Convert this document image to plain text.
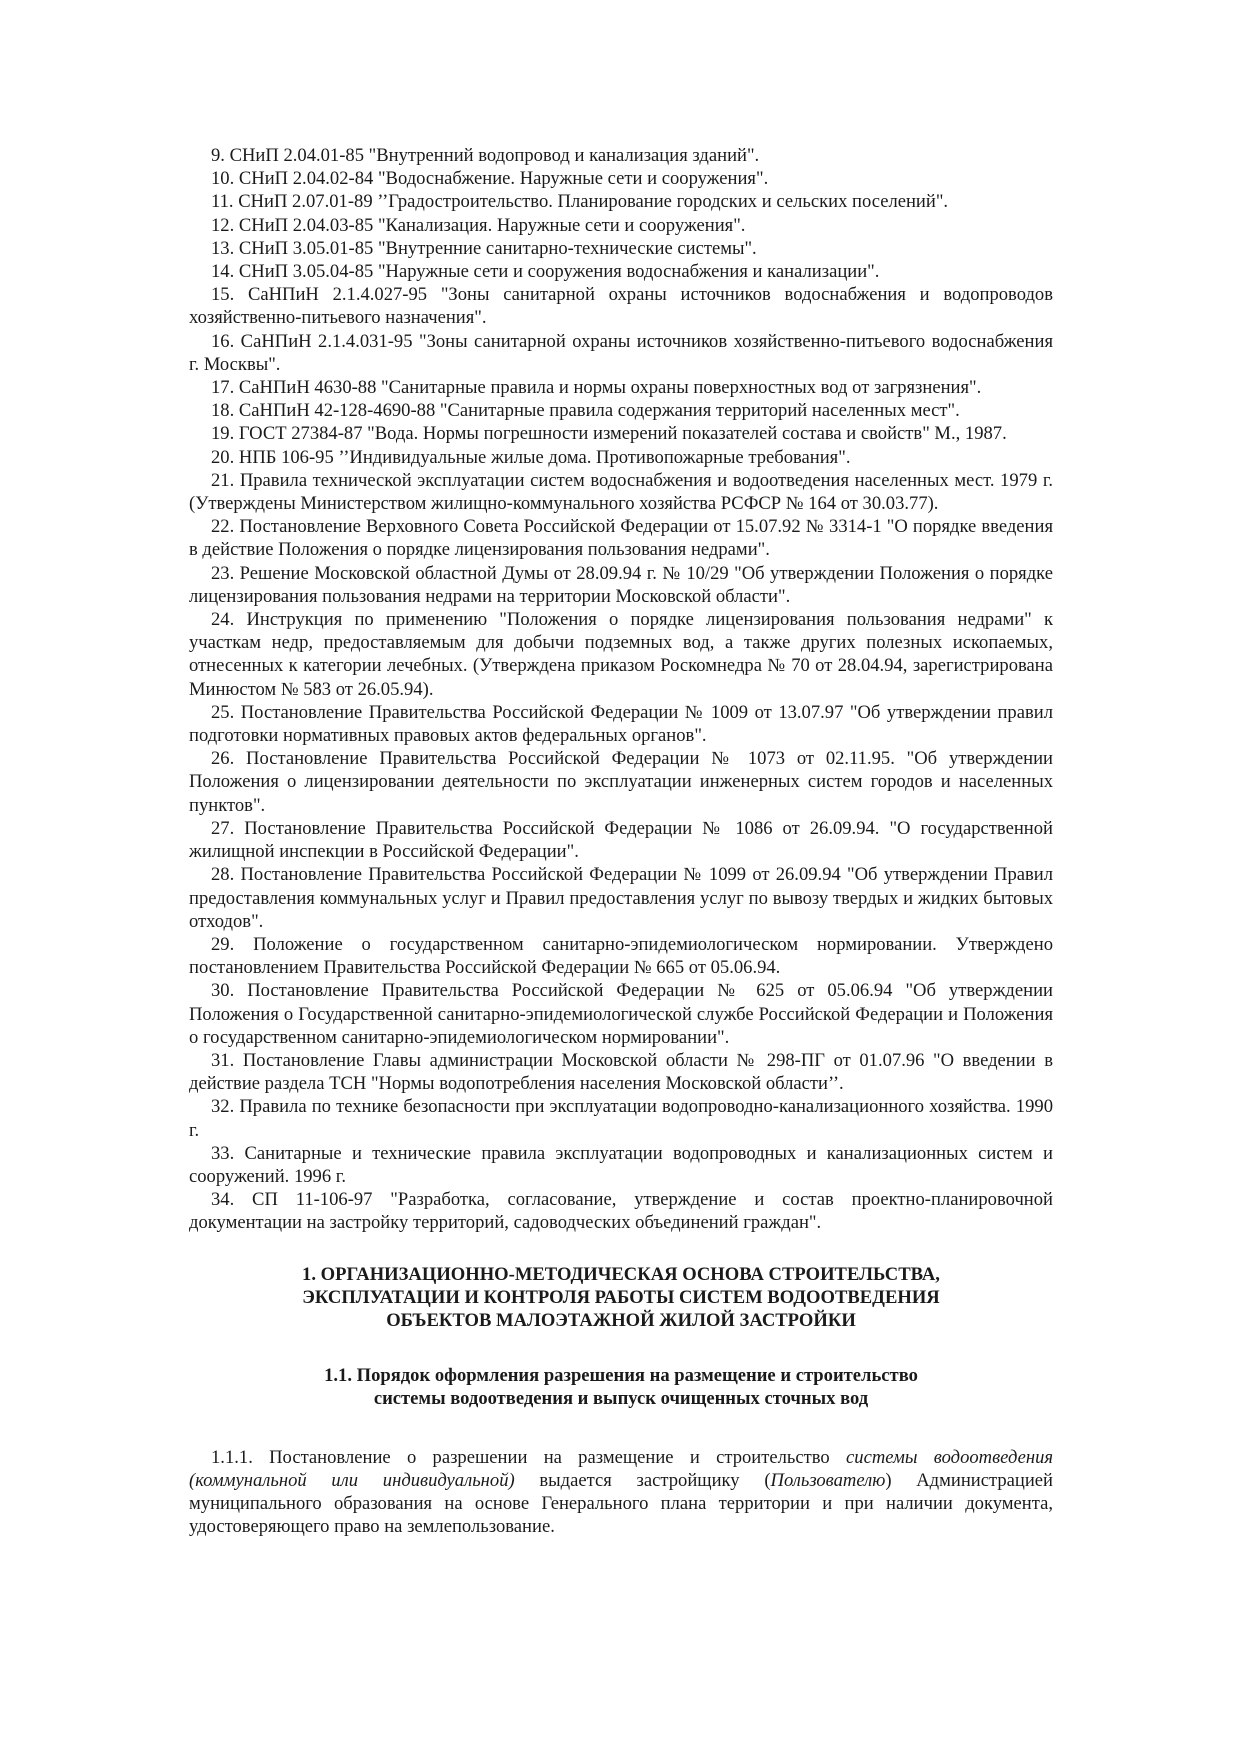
9. СНиП 2.04.01-85 "Внутренний водопровод и канализация зданий".

10. СНиП 2.04.02-84 "Водоснабжение. Наружные сети и сооружения".

11. СНиП 2.07.01-89 ’’Градостроительство. Планирование городских и сельских поселений".

12. СНиП 2.04.03-85 "Канализация. Наружные сети и сооружения".

13. СНиП 3.05.01-85 "Внутренние санитарно-технические системы".

14. СНиП 3.05.04-85 "Наружные сети и сооружения водоснабжения и канализации".

15. СаНПиН 2.1.4.027-95 "Зоны санитарной охраны источников водоснабжения и водопроводов хозяйственно-питьевого назначения".

16. СаНПиН 2.1.4.031-95 "Зоны санитарной охраны источников хозяйственно-питьевого водоснабжения г. Москвы".

17. СаНПиН 4630-88 "Санитарные правила и нормы охраны поверхностных вод от загрязнения".

18. СаНПиН 42-128-4690-88 "Санитарные правила содержания территорий населенных мест".

19. ГОСТ 27384-87 "Вода. Нормы погрешности измерений показателей состава и свойств" М., 1987.

20. НПБ 106-95 ’’Индивидуальные жилые дома. Противопожарные требования".

21. Правила технической эксплуатации систем водоснабжения и водоотведения населенных мест. 1979 г. (Утверждены Министерством жилищно-коммунального хозяйства РСФСР № 164 от 30.03.77).

22. Постановление Верховного Совета Российской Федерации от 15.07.92 № 3314-1 "О порядке введения в действие Положения о порядке лицензирования пользования недрами".

23. Решение Московской областной Думы от 28.09.94 г. № 10/29 "Об утверждении Положения о порядке лицензирования пользования недрами на территории Московской области".

24. Инструкция по применению "Положения о порядке лицензирования пользования недрами" к участкам недр, предоставляемым для добычи подземных вод, а также других полезных ископаемых, отнесенных к категории лечебных. (Утверждена приказом Роскомнедра № 70 от 28.04.94, зарегистрирована Минюстом № 583 от 26.05.94).

25. Постановление Правительства Российской Федерации № 1009 от 13.07.97 "Об утверждении правил подготовки нормативных правовых актов федеральных органов".

26. Постановление Правительства Российской Федерации № 1073 от 02.11.95. "Об утверждении Положения о лицензировании деятельности по эксплуатации инженерных систем городов и населенных пунктов".

27. Постановление Правительства Российской Федерации № 1086 от 26.09.94. "О государственной жилищной инспекции в Российской Федерации".

28. Постановление Правительства Российской Федерации № 1099 от 26.09.94 "Об утверждении Правил предоставления коммунальных услуг и Правил предоставления услуг по вывозу твердых и жидких бытовых отходов".

29. Положение о государственном санитарно-эпидемиологическом нормировании. Утверждено постановлением Правительства Российской Федерации № 665 от 05.06.94.

30. Постановление Правительства Российской Федерации № 625 от 05.06.94 "Об утверждении Положения о Государственной санитарно-эпидемиологической службе Российской Федерации и Положения о государственном санитарно-эпидемиологическом нормировании".

31. Постановление Главы администрации Московской области № 298-ПГ от 01.07.96 "О введении в действие раздела ТСН "Нормы водопотребления населения Московской области’’.

32. Правила по технике безопасности при эксплуатации водопроводно-канализационного хозяйства. 1990 г.

33. Санитарные и технические правила эксплуатации водопроводных и канализационных систем и сооружений. 1996 г.

34. СП 11-106-97 "Разработка, согласование, утверждение и состав проектно-планировочной документации на застройку территорий, садоводческих объединений граждан".

1. ОРГАНИЗАЦИОННО-МЕТОДИЧЕСКАЯ ОСНОВА СТРОИТЕЛЬСТВА,
ЭКСПЛУАТАЦИИ И КОНТРОЛЯ РАБОТЫ СИСТЕМ ВОДООТВЕДЕНИЯ
ОБЪЕКТОВ МАЛОЭТАЖНОЙ ЖИЛОЙ ЗАСТРОЙКИ
1.1. Порядок оформления разрешения на размещение и строительство
системы водоотведения и выпуск очищенных сточных вод

1.1.1. Постановление о разрешении на размещение и строительство системы водоотведения (коммунальной или индивидуальной) выдается застройщику (Пользователю) Администрацией муниципального образования на основе Генерального плана территории и при наличии документа, удостоверяющего право на землепользование.
